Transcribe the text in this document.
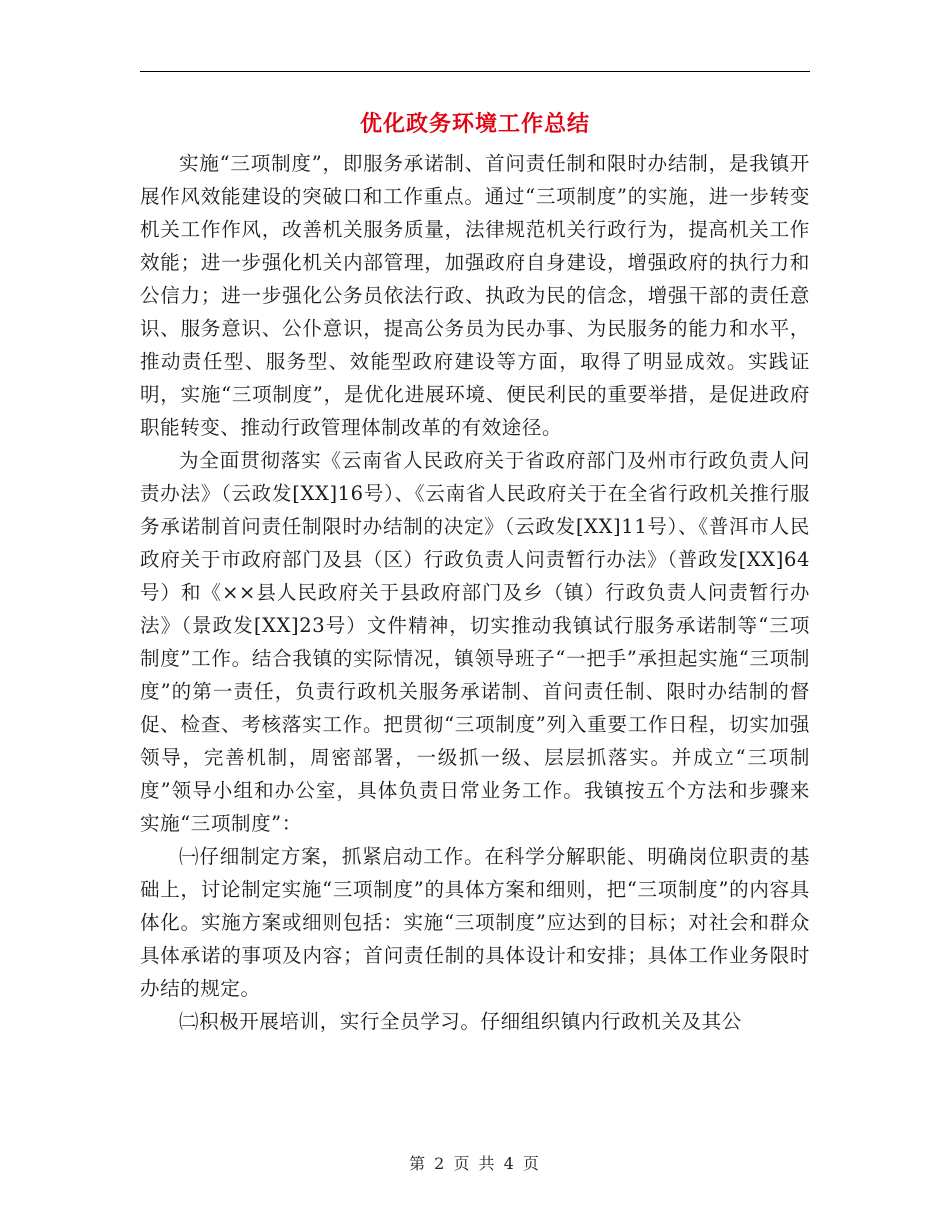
优化政务环境工作总结

实施“三项制度”，即服务承诺制、首问责任制和限时办结制，是我镇开展作风效能建设的突破口和工作重点。通过“三项制度”的实施，进一步转变机关工作作风，改善机关服务质量，法律规范机关行政行为，提高机关工作效能；进一步强化机关内部管理，加强政府自身建设，增强政府的执行力和公信力；进一步强化公务员依法行政、执政为民的信念，增强干部的责任意识、服务意识、公仆意识，提高公务员为民办事、为民服务的能力和水平，推动责任型、服务型、效能型政府建设等方面，取得了明显成效。实践证明，实施“三项制度”，是优化进展环境、便民利民的重要举措，是促进政府职能转变、推动行政管理体制改革的有效途径。

为全面贯彻落实《云南省人民政府关于省政府部门及州市行政负责人问责办法》（云政发[XX]16号）、《云南省人民政府关于在全省行政机关推行服务承诺制首问责任制限时办结制的决定》（云政发[XX]11号）、《普洱市人民政府关于市政府部门及县（区）行政负责人问责暂行办法》（普政发[XX]64号）和《××县人民政府关于县政府部门及乡（镇）行政负责人问责暂行办法》（景政发[XX]23号）文件精神，切实推动我镇试行服务承诺制等“三项制度”工作。结合我镇的实际情况，镇领导班子“一把手”承担起实施“三项制度”的第一责任，负责行政机关服务承诺制、首问责任制、限时办结制的督促、检查、考核落实工作。把贯彻“三项制度”列入重要工作日程，切实加强领导，完善机制，周密部署，一级抓一级、层层抓落实。并成立“三项制度”领导小组和办公室，具体负责日常业务工作。我镇按五个方法和步骤来实施“三项制度”：

㈠仔细制定方案，抓紧启动工作。在科学分解职能、明确岗位职责的基础上，讨论制定实施“三项制度”的具体方案和细则，把“三项制度”的内容具体化。实施方案或细则包括：实施“三项制度”应达到的目标；对社会和群众具体承诺的事项及内容；首问责任制的具体设计和安排；具体工作业务限时办结的规定。

㈡积极开展培训，实行全员学习。仔细组织镇内行政机关及其公

第 2 页 共 4 页
